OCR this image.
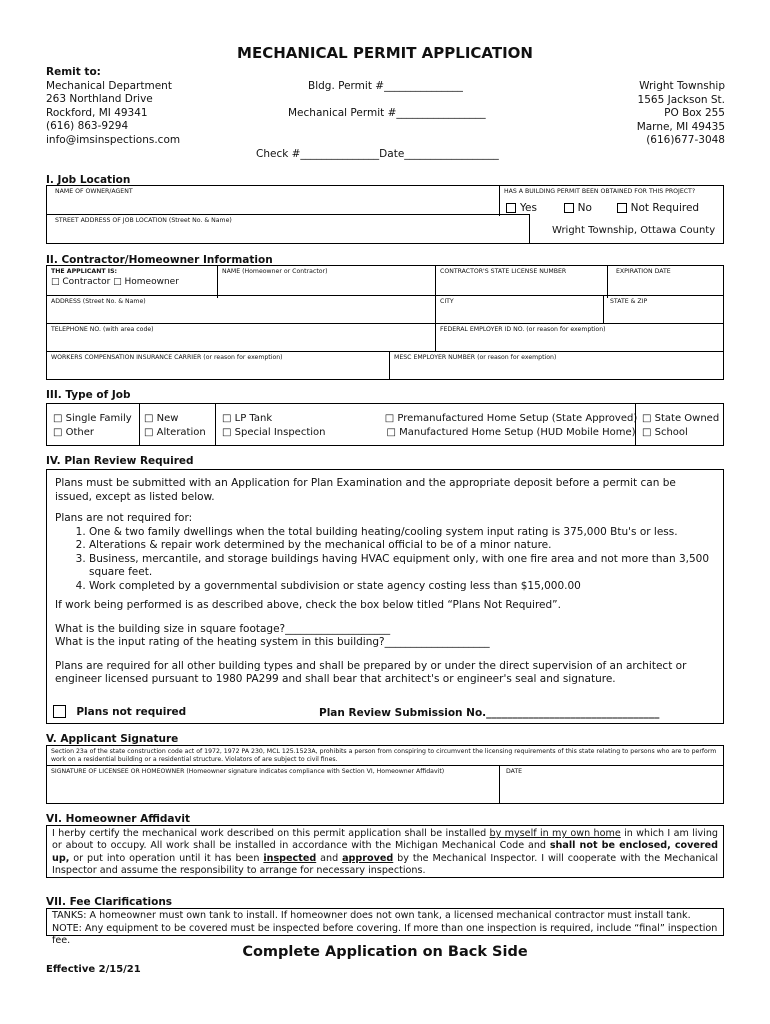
MECHANICAL PERMIT APPLICATION
Remit to:
Mechanical Department
263 Northland Drive
Rockford, MI 49341
(616) 863-9294
info@imsinspections.com
Bldg. Permit #_______________
Mechanical Permit #_________________
Check #_______________Date__________________
Wright Township
1565 Jackson St.
PO Box 255
Marne, MI 49435
(616)677-3048
I. Job Location
NAME OF OWNER/AGENT	HAS A BUILDING PERMIT BEEN OBTAINED FOR THIS PROJECT?
Yes	No	Not Required
STREET ADDRESS OF JOB LOCATION (Street No. & Name)
Wright Township, Ottawa County
II. Contractor/Homeowner Information
THE APPLICANT IS:
□ Contractor □ Homeowner
NAME (Homeowner or Contractor)	CONTRACTOR'S STATE LICENSE NUMBER	EXPIRATION DATE
ADDRESS (Street No. & Name)	CITY	STATE & ZIP
TELEPHONE NO. (with area code)	FEDERAL EMPLOYER ID NO. (or reason for exemption)
WORKERS COMPENSATION INSURANCE CARRIER (or reason for exemption)	MESC EMPLOYER NUMBER (or reason for exemption)
III. Type of Job
□ Single Family
□ Other
□ New
□ Alteration
□ LP Tank
□ Special Inspection
□ Premanufactured Home Setup (State Approved)
□ Manufactured Home Setup (HUD Mobile Home)
□ State Owned
□ School
IV. Plan Review Required
Plans must be submitted with an Application for Plan Examination and the appropriate deposit before a permit can be issued, except as listed below.
Plans are not required for:
1. One & two family dwellings when the total building heating/cooling system input rating is 375,000 Btu's or less.
2. Alterations & repair work determined by the mechanical official to be of a minor nature.
3. Business, mercantile, and storage buildings having HVAC equipment only, with one fire area and not more than 3,500 square feet.
4. Work completed by a governmental subdivision or state agency costing less than $15,000.00
If work being performed is as described above, check the box below titled “Plans Not Required”.
What is the building size in square footage?____________________
What is the input rating of the heating system in this building?____________________
Plans are required for all other building types and shall be prepared by or under the direct supervision of an architect or engineer licensed pursuant to 1980 PA299 and shall bear that architect's or engineer's seal and signature.
Plans not required	Plan Review Submission No._________________________________
V. Applicant Signature
Section 23a of the state construction code act of 1972, 1972 PA 230, MCL 125.1523A, prohibits a person from conspiring to circumvent the licensing requirements of this state relating to persons who are to perform work on a residential building or a residential structure. Violators of are subject to civil fines.
SIGNATURE OF LICENSEE OR HOMEOWNER (Homeowner signature indicates compliance with Section VI, Homeowner Affidavit)	DATE
VI. Homeowner Affidavit
I herby certify the mechanical work described on this permit application shall be installed by myself in my own home in which I am living or about to occupy. All work shall be installed in accordance with the Michigan Mechanical Code and shall not be enclosed, covered up, or put into operation until it has been inspected and approved by the Mechanical Inspector. I will cooperate with the Mechanical Inspector and assume the responsibility to arrange for necessary inspections.
VII. Fee Clarifications
TANKS: A homeowner must own tank to install. If homeowner does not own tank, a licensed mechanical contractor must install tank.
NOTE: Any equipment to be covered must be inspected before covering. If more than one inspection is required, include “final” inspection fee.
Complete Application on Back Side
Effective 2/15/21
